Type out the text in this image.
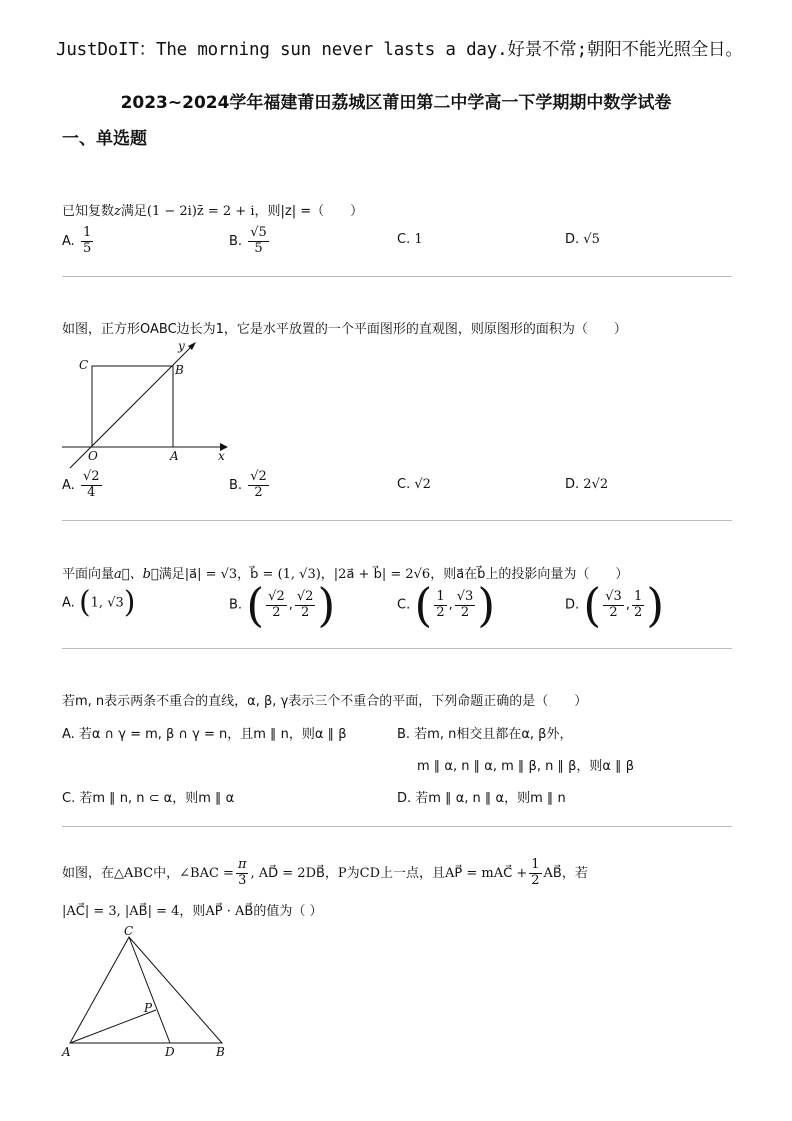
JustDoIT：The morning sun never lasts a day.好景不常;朝阳不能光照全日。
2023~2024学年福建莆田荔城区莆田第二中学高一下学期期中数学试卷
一、单选题
已知复数z满足(1 − 2i)z̄ = 2 + i，则|z| =（　　）
A. $\frac{1}{5}$	B. $\frac{√5}{5}$	C. 1	D. √5
如图，正方形OABC边长为1，它是水平放置的一个平面图形的直观图，则原图形的面积为（　　）
C	B
O	A	x
y
A. $\frac{√2}{4}$	B. $\frac{√2}{2}$	C. √2	D. 2√2
平面向量a⃗、b⃗满足|a⃗| = √3，b⃗ = (1, √3)，|2a⃗ + b⃗| = 2√6，则a⃗在b⃗上的投影向量为（　　）
A. (1, √3)	B. ( $\frac{√2}{2}$ , $\frac{√2}{2}$ )	C. ( $\frac{1}{2}$ , $\frac{√3}{2}$ )	D. ( $\frac{√3}{2}$ , $\frac{1}{2}$ )
若m, n表示两条不重合的直线，α, β, γ表示三个不重合的平面，下列命题正确的是（　　）
A. 若α ∩ γ = m, β ∩ γ = n，且m ∥ n，则α ∥ β	B. 若m, n相交且都在α, β外，
m ∥ α, n ∥ α, m ∥ β, n ∥ β，则α ∥ β
C. 若m ∥ n, n ⊂ α，则m ∥ α	D. 若m ∥ α, n ∥ α，则m ∥ n
如图，在△ABC中，∠BAC = $\frac{\pi}{3}$ , AD⃗ = 2DB⃗，P为CD上一点，且AP⃗ = mAC⃗ + $\frac{1}{2}$ AB⃗，若
|AC⃗| = 3, |AB⃗| = 4，则AP⃗ · AB⃗的值为（ ）
C
P
A	D	B
